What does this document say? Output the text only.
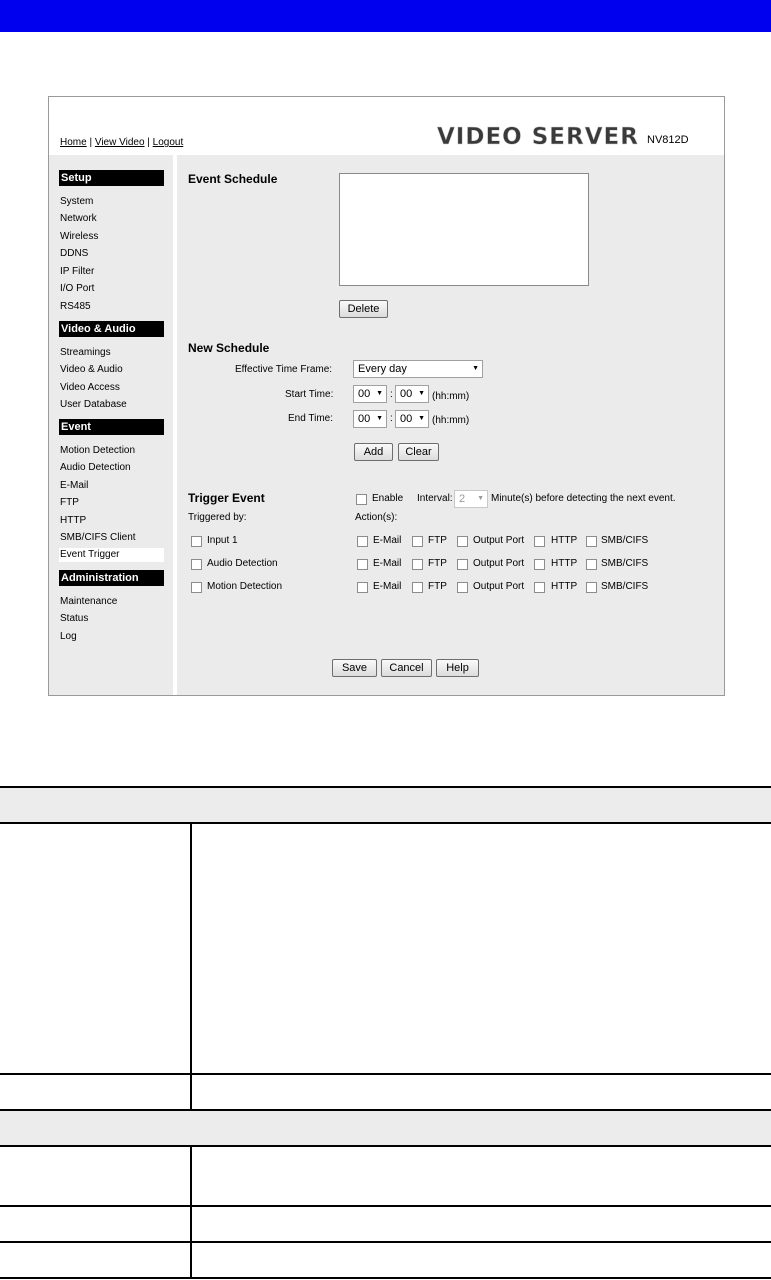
Home | View Video | Logout	VIDEO SERVER NV812D
Setup
System
Network
Wireless
DDNS
IP Filter
I/O Port
RS485
Video & Audio
Streamings
Video & Audio
Video Access
User Database
Event
Motion Detection
Audio Detection
E-Mail
FTP
HTTP
SMB/CIFS Client
Event Trigger
Administration
Maintenance
Status
Log
Event Schedule
Delete
New Schedule
Effective Time Frame:	Every day	▼
Start Time:	00 ▼ : 00 ▼ (hh:mm)
End Time:	00 ▼ : 00 ▼ (hh:mm)
Add	Clear
Trigger Event	Enable Interval: 2 ▼ Minute(s) before detecting the next event.
Triggered by:	Action(s):
Input 1	E-Mail	FTP	Output Port	HTTP SMB/CIFS
Audio Detection	E-Mail	FTP	Output Port	HTTP SMB/CIFS
Motion Detection	E-Mail	FTP	Output Port	HTTP SMB/CIFS
Save	Cancel	Help
